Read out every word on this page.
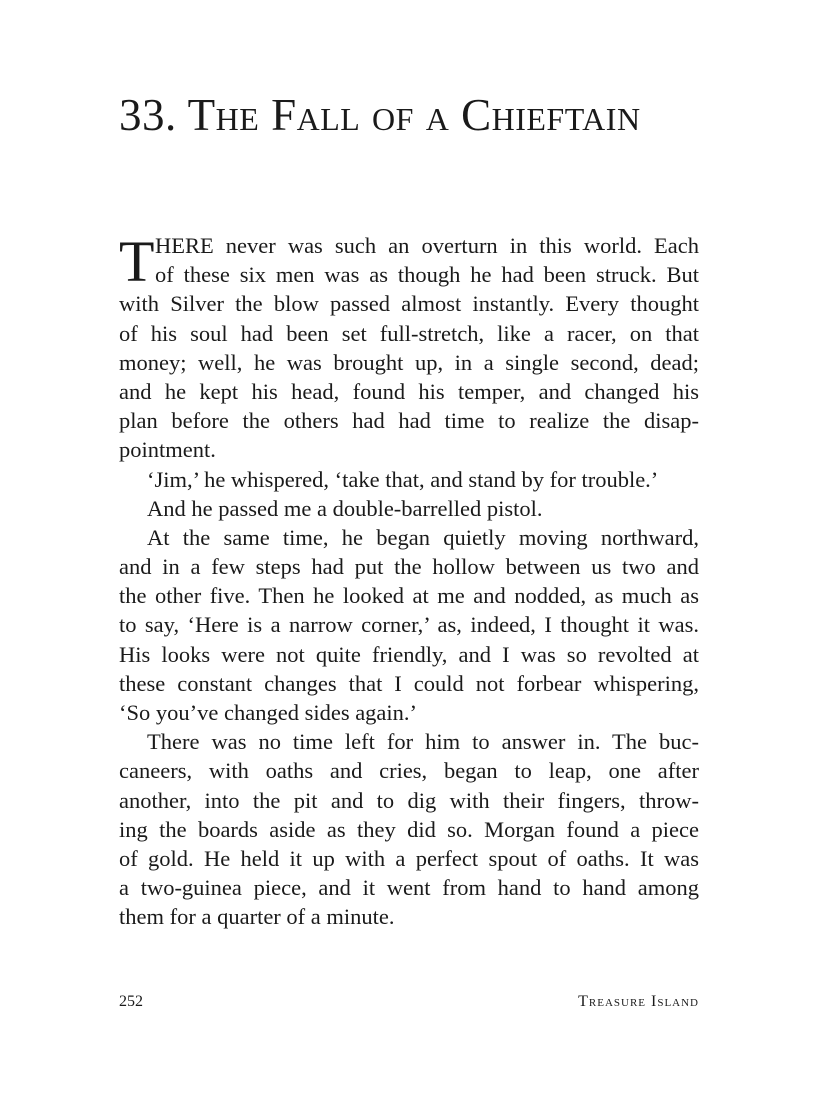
33. The Fall of a Chieftain
T HERE never was such an overturn in this world. Each
of these six men was as though he had been struck. But
with Silver the blow passed almost instantly. Every thought
of his soul had been set full-stretch, like a racer, on that
money; well, he was brought up, in a single second, dead;
and he kept his head, found his temper, and changed his
plan before the others had had time to realize the disap-
pointment.
‘Jim,’ he whispered, ‘take that, and stand by for trouble.’
And he passed me a double-barrelled pistol.
At the same time, he began quietly moving northward,
and in a few steps had put the hollow between us two and
the other five. Then he looked at me and nodded, as much as
to say, ‘Here is a narrow corner,’ as, indeed, I thought it was.
His looks were not quite friendly, and I was so revolted at
these constant changes that I could not forbear whispering,
‘So you’ve changed sides again.’
There was no time left for him to answer in. The buc-
caneers, with oaths and cries, began to leap, one after
another, into the pit and to dig with their fingers, throw-
ing the boards aside as they did so. Morgan found a piece
of gold. He held it up with a perfect spout of oaths. It was
a two-guinea piece, and it went from hand to hand among
them for a quarter of a minute.
252	Treasure Island
